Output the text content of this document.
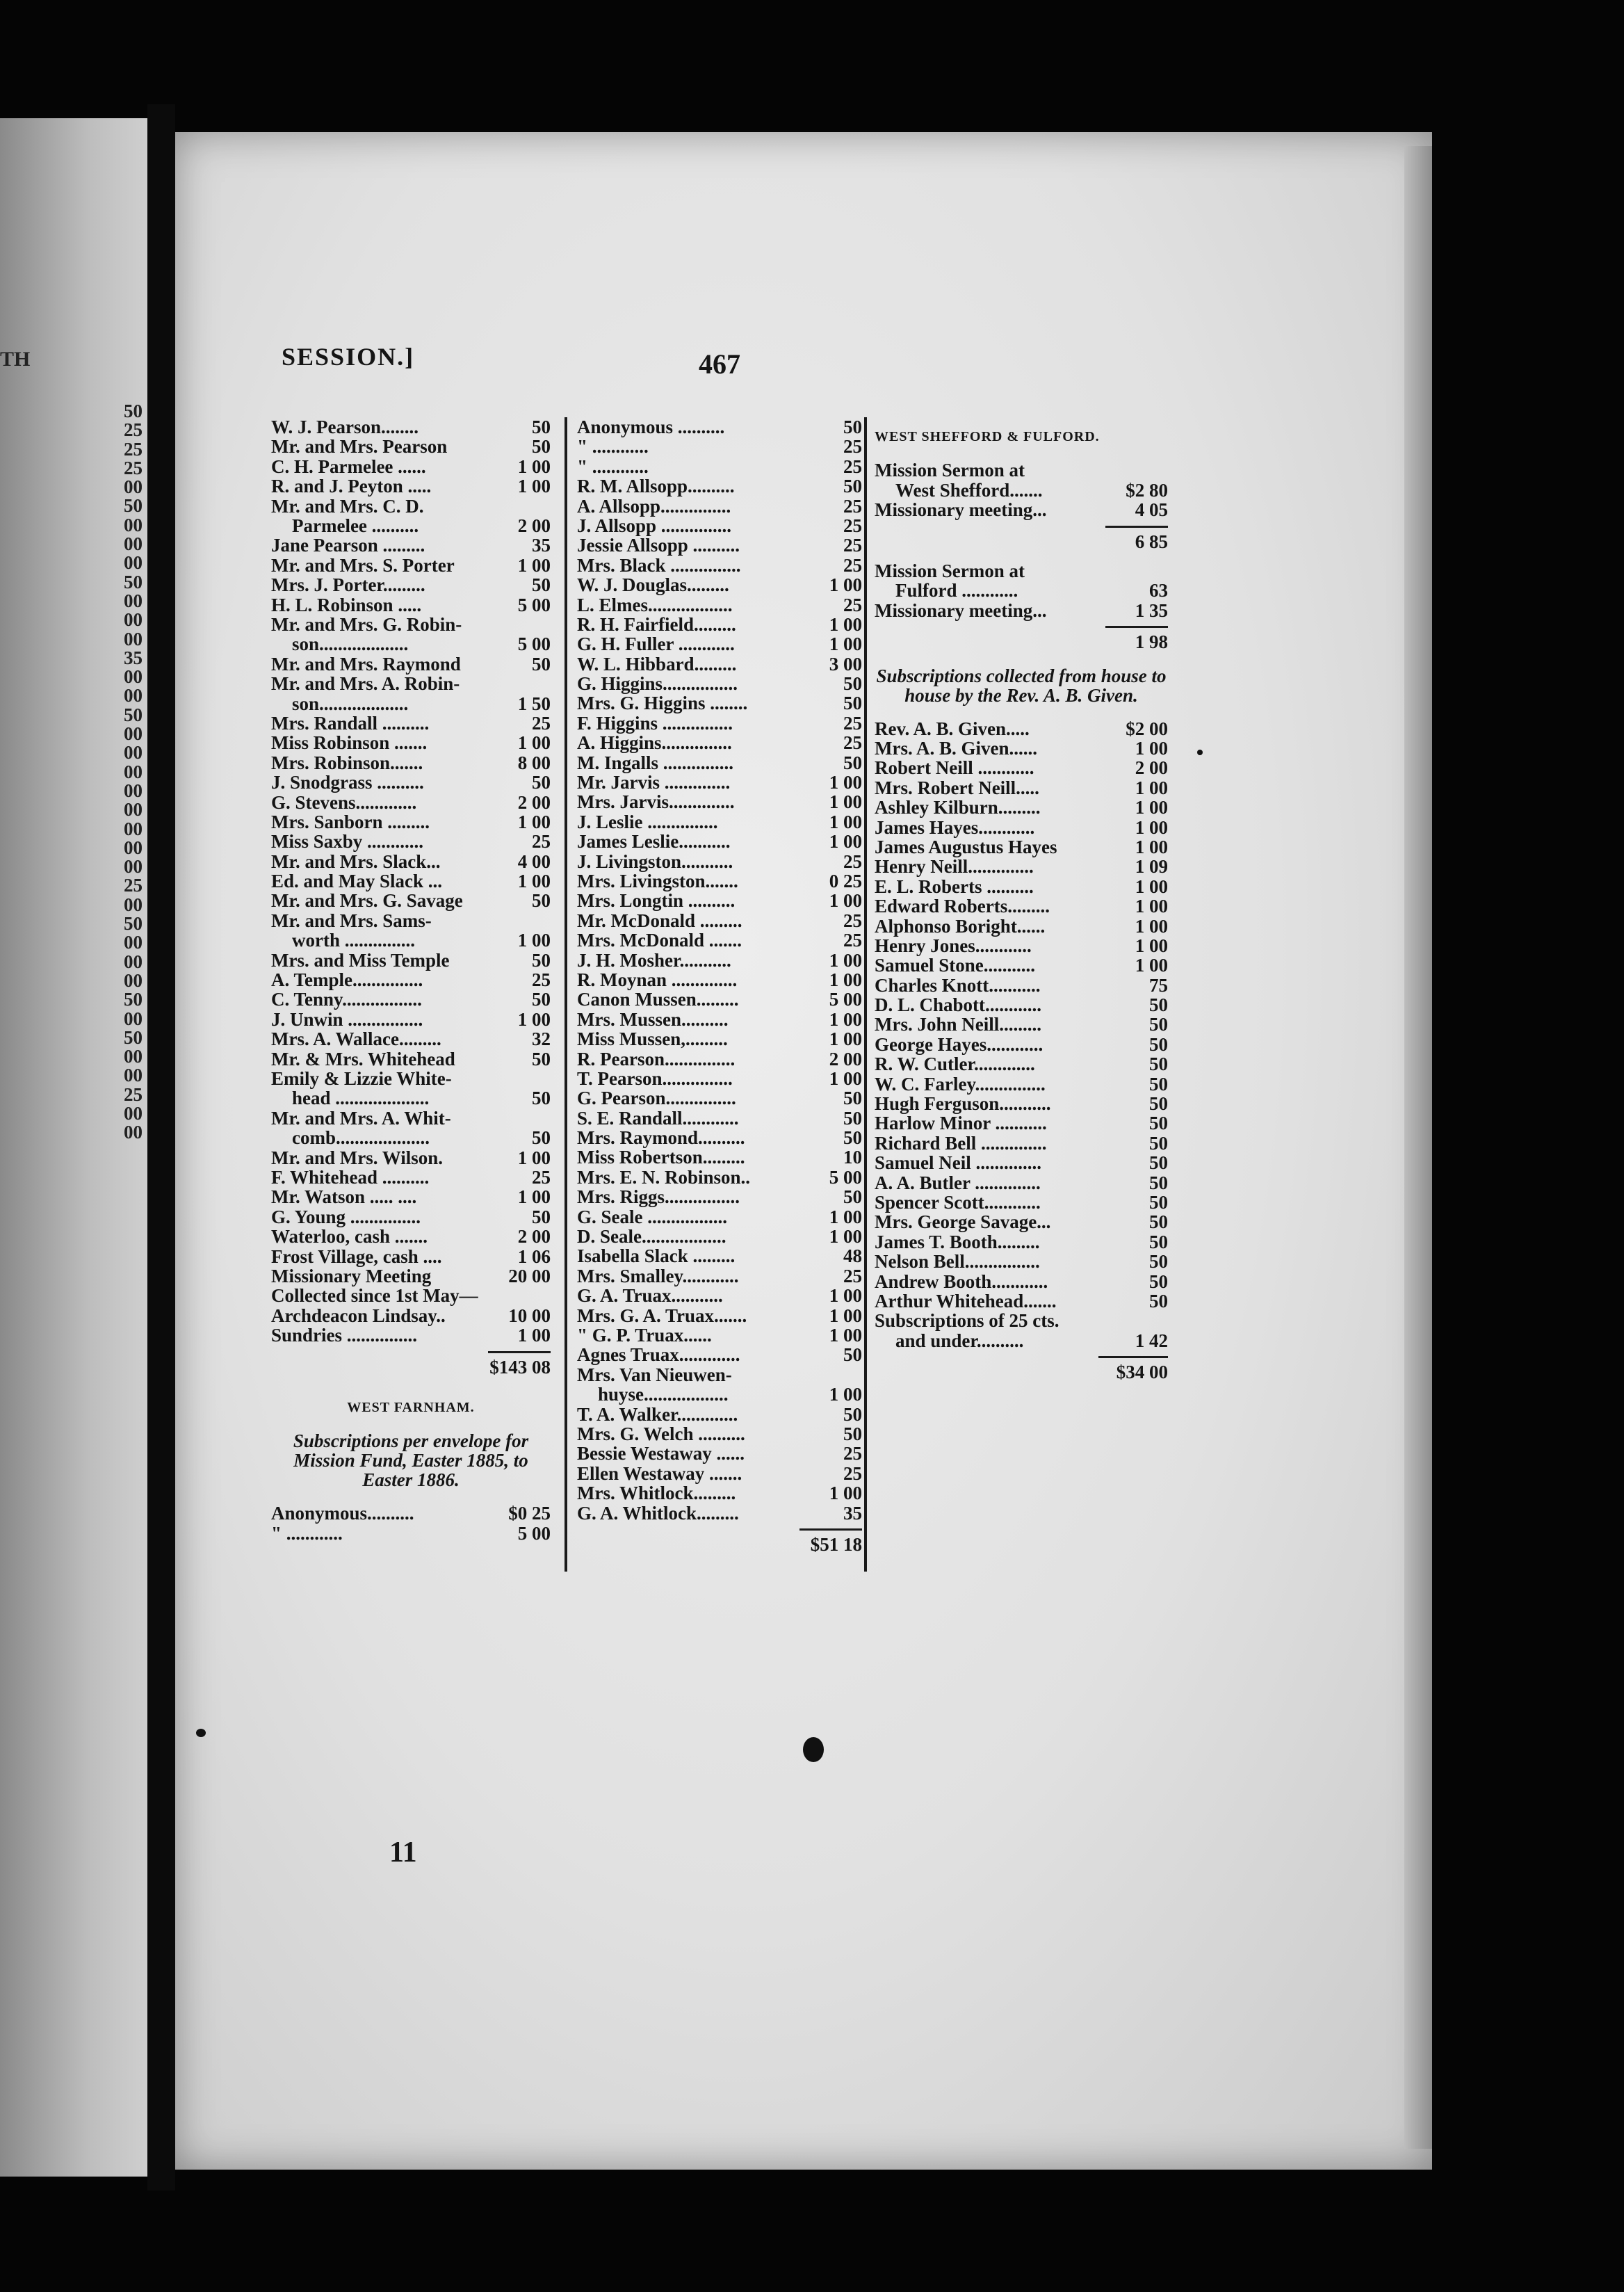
TH
50
25
25
25
00
50
00
00
00
50
00
00
00
35
00
00
50
00
00
00
00
00
00
00
00
25
00
50
00
00
00
50
00
50
00
00
25
00
00
SESSION.]	467
W. J. Pearson........	50
Mr. and Mrs. Pearson	50
C. H. Parmelee ......	1 00
R. and J. Peyton .....	1 00
Mr. and Mrs. C. D.
Parmelee ..........	2 00
Jane Pearson .........	35
Mr. and Mrs. S. Porter	1 00
Mrs. J. Porter.........	50
H. L. Robinson .....	5 00
Mr. and Mrs. G. Robin-
son...................	5 00
Mr. and Mrs. Raymond	50
Mr. and Mrs. A. Robin-
son...................	1 50
Mrs. Randall ..........	25
Miss Robinson .......	1 00
Mrs. Robinson.......	8 00
J. Snodgrass ..........	50
G. Stevens.............	2 00
Mrs. Sanborn .........	1 00
Miss Saxby ............	25
Mr. and Mrs. Slack...	4 00
Ed. and May Slack ...	1 00
Mr. and Mrs. G. Savage	50
Mr. and Mrs. Sams-
worth ...............	1 00
Mrs. and Miss Temple	50
A. Temple...............	25
C. Tenny.................	50
J. Unwin ................	1 00
Mrs. A. Wallace.........	32
Mr. & Mrs. Whitehead	50
Emily & Lizzie White-
head ....................	50
Mr. and Mrs. A. Whit-
comb....................	50
Mr. and Mrs. Wilson.	1 00
F. Whitehead ..........	25
Mr. Watson ..... ....	1 00
G. Young ...............	50
Waterloo, cash .......	2 00
Frost Village, cash ....	1 06
Missionary Meeting	20 00
Collected since 1st May—
Archdeacon Lindsay..	10 00
Sundries ...............	1 00
$143 08
WEST FARNHAM.
Subscriptions per envelope for Mission Fund, Easter 1885, to Easter 1886.
Anonymous..........	$0 25
" ............	5 00
Anonymous ..........	50
" ............	25
" ............	25
R. M. Allsopp..........	50
A. Allsopp...............	25
J. Allsopp ...............	25
Jessie Allsopp ..........	25
Mrs. Black ...............	25
W. J. Douglas.........	1 00
L. Elmes..................	25
R. H. Fairfield.........	1 00
G. H. Fuller ............	1 00
W. L. Hibbard.........	3 00
G. Higgins................	50
Mrs. G. Higgins ........	50
F. Higgins ...............	25
A. Higgins...............	25
M. Ingalls ...............	50
Mr. Jarvis ..............	1 00
Mrs. Jarvis..............	1 00
J. Leslie ...............	1 00
James Leslie...........	1 00
J. Livingston...........	25
Mrs. Livingston.......	0 25
Mrs. Longtin ..........	1 00
Mr. McDonald .........	25
Mrs. McDonald .......	25
J. H. Mosher...........	1 00
R. Moynan ..............	1 00
Canon Mussen.........	5 00
Mrs. Mussen..........	1 00
Miss Mussen,.........	1 00
R. Pearson...............	2 00
T. Pearson...............	1 00
G. Pearson...............	50
S. E. Randall............	50
Mrs. Raymond..........	50
Miss Robertson.........	10
Mrs. E. N. Robinson..	5 00
Mrs. Riggs................	50
G. Seale .................	1 00
D. Seale..................	1 00
Isabella Slack .........	48
Mrs. Smalley............	25
G. A. Truax...........	1 00
Mrs. G. A. Truax.......	1 00
" G. P. Truax......	1 00
Agnes Truax.............	50
Mrs. Van Nieuwen-
huyse..................	1 00
T. A. Walker.............	50
Mrs. G. Welch ..........	50
Bessie Westaway ......	25
Ellen Westaway .......	25
Mrs. Whitlock.........	1 00
G. A. Whitlock.........	35
$51 18
WEST SHEFFORD & FULFORD.
Mission Sermon at
West Shefford.......	$2 80
Missionary meeting...	4 05
6 85
Mission Sermon at
Fulford ............	63
Missionary meeting...	1 35
1 98
Subscriptions collected from house to house by the Rev. A. B. Given.
Rev. A. B. Given.....	$2 00
Mrs. A. B. Given......	1 00
Robert Neill ............	2 00
Mrs. Robert Neill.....	1 00
Ashley Kilburn.........	1 00
James Hayes............	1 00
James Augustus Hayes	1 00
Henry Neill..............	1 09
E. L. Roberts ..........	1 00
Edward Roberts.........	1 00
Alphonso Boright......	1 00
Henry Jones............	1 00
Samuel Stone...........	1 00
Charles Knott...........	75
D. L. Chabott............	50
Mrs. John Neill.........	50
George Hayes............	50
R. W. Cutler.............	50
W. C. Farley...............	50
Hugh Ferguson...........	50
Harlow Minor ...........	50
Richard Bell ..............	50
Samuel Neil ..............	50
A. A. Butler ..............	50
Spencer Scott............	50
Mrs. George Savage...	50
James T. Booth.........	50
Nelson Bell................	50
Andrew Booth............	50
Arthur Whitehead.......	50
Subscriptions of 25 cts.
and under..........	1 42
$34 00
11
